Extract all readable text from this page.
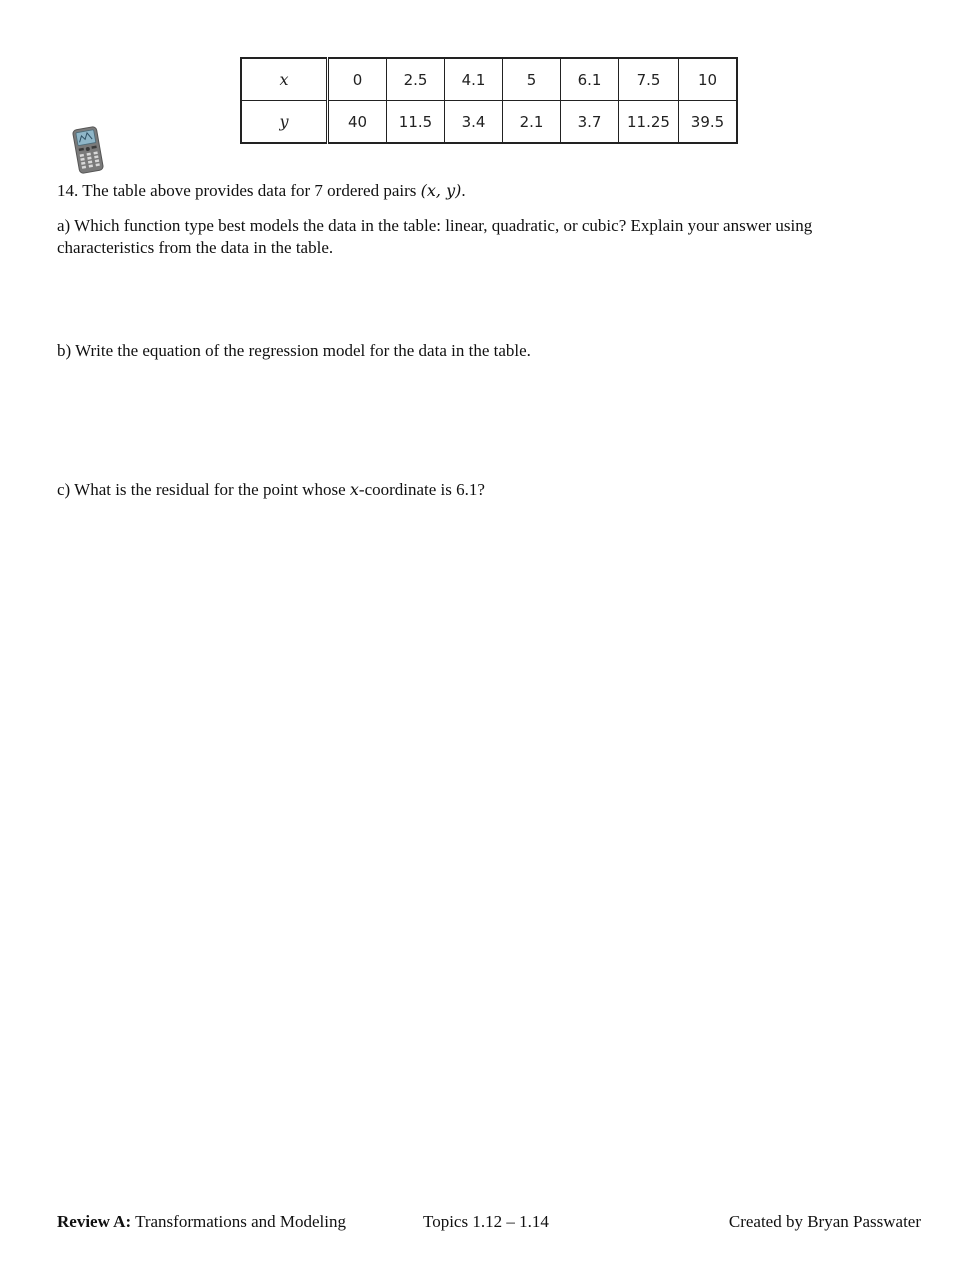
x	0	2.5	4.1	5	6.1	7.5	10
y	40	11.5	3.4	2.1	3.7	11.25	39.5

14. The table above provides data for 7 ordered pairs (x, y).

a) Which function type best models the data in the table: linear, quadratic, or cubic? Explain your answer using characteristics from the data in the table.

b) Write the equation of the regression model for the data in the table.

c) What is the residual for the point whose x-coordinate is 6.1?

Review A: Transformations and Modeling	Topics 1.12 – 1.14	Created by Bryan Passwater
